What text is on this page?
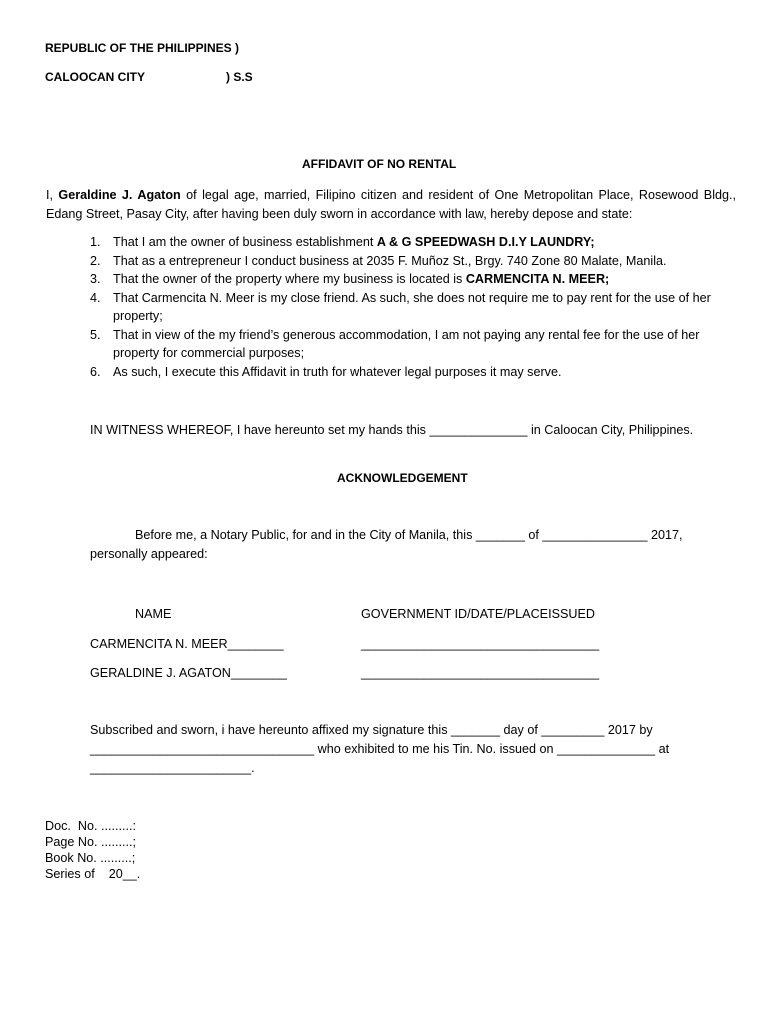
REPUBLIC OF THE PHILIPPINES )
CALOOCAN CITY	) S.S
AFFIDAVIT OF NO RENTAL
I, Geraldine J. Agaton of legal age, married, Filipino citizen and resident of One Metropolitan Place, Rosewood Bldg., Edang Street, Pasay City, after having been duly sworn in accordance with law, hereby depose and state:
1. That I am the owner of business establishment A & G SPEEDWASH D.I.Y LAUNDRY;
2. That as a entrepreneur I conduct business at 2035 F. Muñoz St., Brgy. 740 Zone 80 Malate, Manila.
3. That the owner of the property where my business is located is CARMENCITA N. MEER;
4. That Carmencita N. Meer is my close friend. As such, she does not require me to pay rent for the use of her property;
5. That in view of the my friend’s generous accommodation, I am not paying any rental fee for the use of her property for commercial purposes;
6. As such, I execute this Affidavit in truth for whatever legal purposes it may serve.
IN WITNESS WHEREOF, I have hereunto set my hands this ______________ in Caloocan City, Philippines.
ACKNOWLEDGEMENT
Before me, a Notary Public, for and in the City of Manila, this _______ of _______________ 2017, personally appeared:
NAME	GOVERNMENT ID/DATE/PLACEISSUED
CARMENCITA N. MEER________	__________________________________
GERALDINE J. AGATON________	__________________________________
Subscribed and sworn, i have hereunto affixed my signature this _______ day of _________ 2017 by ________________________________ who exhibited to me his Tin. No. issued on ______________ at _______________________.
Doc.  No. .........:
Page No. .........;
Book No. .........;
Series of    20__.
